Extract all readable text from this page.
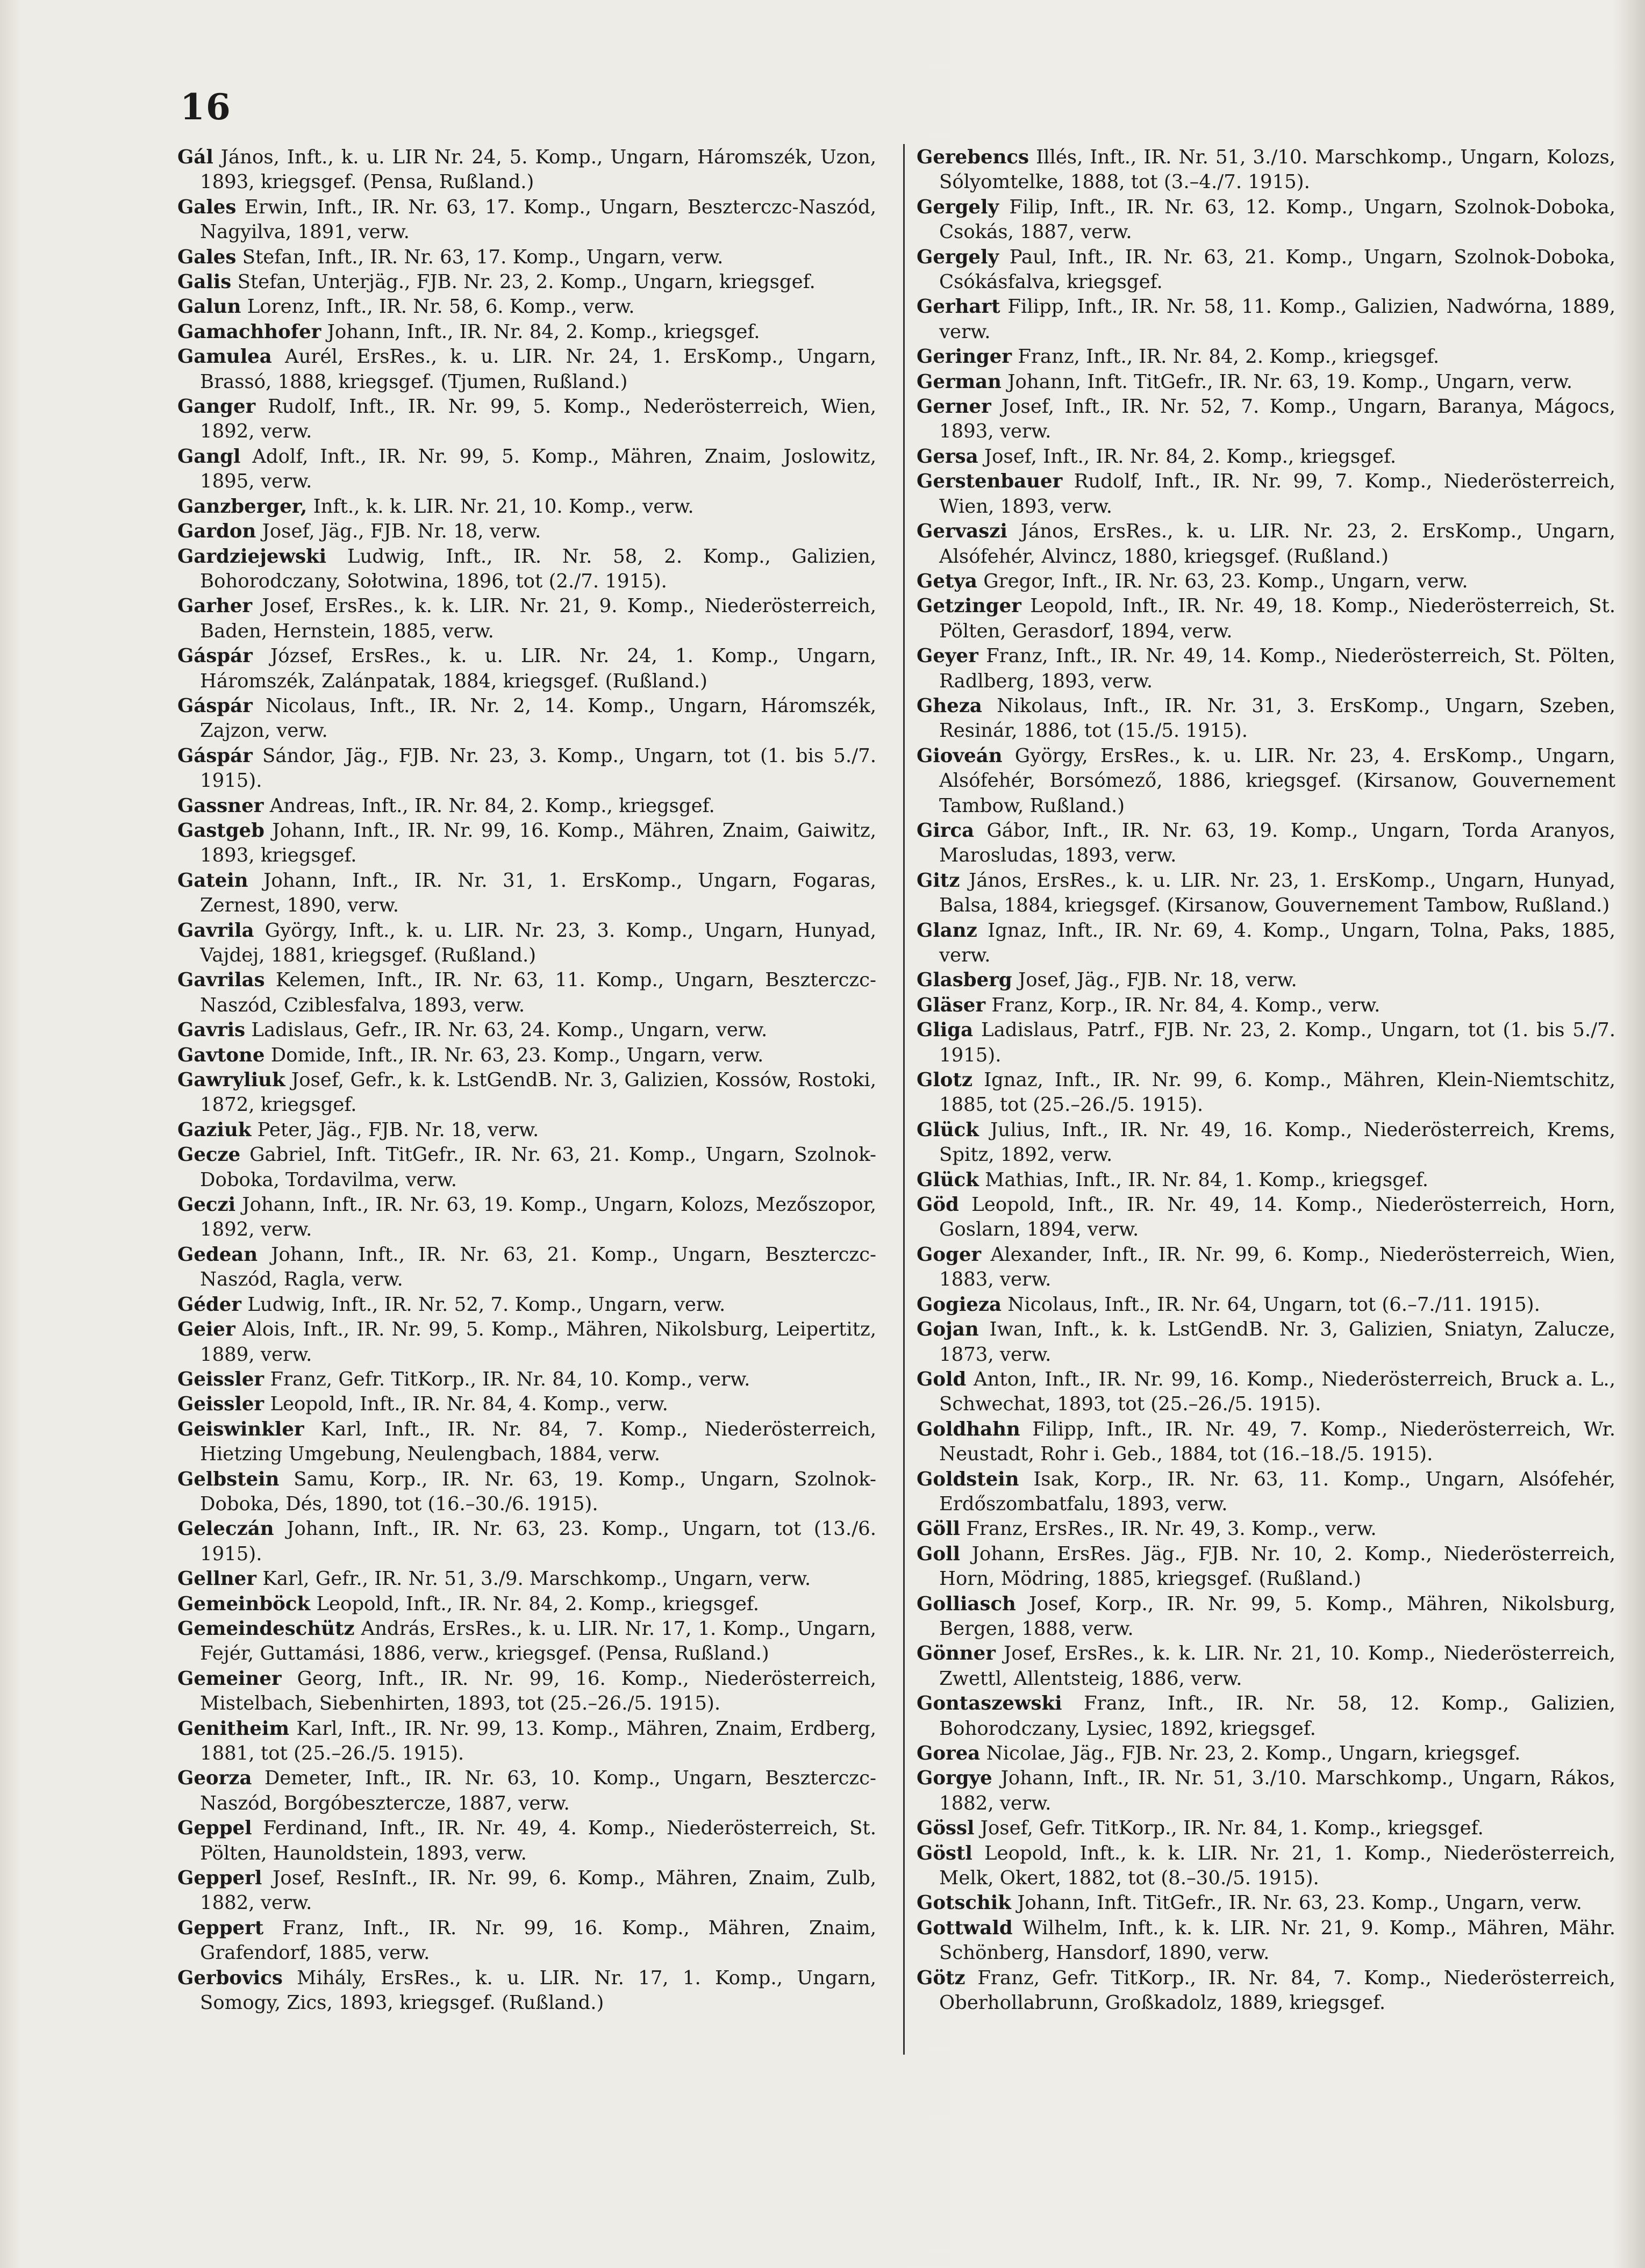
16

Gál János, Inft., k. u. LIR Nr. 24, 5. Komp., Ungarn, Háromszék, Uzon, 1893, kriegsgef. (Pensa, Rußland.)

Gales Erwin, Inft., IR. Nr. 63, 17. Komp., Ungarn, Beszterczc-Naszód, Nagyilva, 1891, verw.

Gales Stefan, Inft., IR. Nr. 63, 17. Komp., Ungarn, verw.

Galis Stefan, Unterjäg., FJB. Nr. 23, 2. Komp., Ungarn, kriegsgef.

Galun Lorenz, Inft., IR. Nr. 58, 6. Komp., verw.

Gamachhofer Johann, Inft., IR. Nr. 84, 2. Komp., kriegsgef.

Gamulea Aurél, ErsRes., k. u. LIR. Nr. 24, 1. ErsKomp., Ungarn, Brassó, 1888, kriegsgef. (Tjumen, Rußland.)

Ganger Rudolf, Inft., IR. Nr. 99, 5. Komp., Nederösterreich, Wien, 1892, verw.

Gangl Adolf, Inft., IR. Nr. 99, 5. Komp., Mähren, Znaim, Joslowitz, 1895, verw.

Ganzberger, Inft., k. k. LIR. Nr. 21, 10. Komp., verw.

Gardon Josef, Jäg., FJB. Nr. 18, verw.

Gardziejewski Ludwig, Inft., IR. Nr. 58, 2. Komp., Galizien, Bohorodczany, Sołotwina, 1896, tot (2./7. 1915).

Garher Josef, ErsRes., k. k. LIR. Nr. 21, 9. Komp., Niederösterreich, Baden, Hernstein, 1885, verw.

Gáspár József, ErsRes., k. u. LIR. Nr. 24, 1. Komp., Ungarn, Háromszék, Zalánpatak, 1884, kriegsgef. (Rußland.)

Gáspár Nicolaus, Inft., IR. Nr. 2, 14. Komp., Ungarn, Háromszék, Zajzon, verw.

Gáspár Sándor, Jäg., FJB. Nr. 23, 3. Komp., Ungarn, tot (1. bis 5./7. 1915).

Gassner Andreas, Inft., IR. Nr. 84, 2. Komp., kriegsgef.

Gastgeb Johann, Inft., IR. Nr. 99, 16. Komp., Mähren, Znaim, Gaiwitz, 1893, kriegsgef.

Gatein Johann, Inft., IR. Nr. 31, 1. ErsKomp., Ungarn, Fogaras, Zernest, 1890, verw.

Gavrila György, Inft., k. u. LIR. Nr. 23, 3. Komp., Ungarn, Hunyad, Vajdej, 1881, kriegsgef. (Rußland.)

Gavrilas Kelemen, Inft., IR. Nr. 63, 11. Komp., Ungarn, Beszterczc-Naszód, Cziblesfalva, 1893, verw.

Gavris Ladislaus, Gefr., IR. Nr. 63, 24. Komp., Ungarn, verw.

Gavtone Domide, Inft., IR. Nr. 63, 23. Komp., Ungarn, verw.

Gawryliuk Josef, Gefr., k. k. LstGendB. Nr. 3, Galizien, Kossów, Rostoki, 1872, kriegsgef.

Gaziuk Peter, Jäg., FJB. Nr. 18, verw.

Gecze Gabriel, Inft. TitGefr., IR. Nr. 63, 21. Komp., Ungarn, Szolnok-Doboka, Tordavilma, verw.

Geczi Johann, Inft., IR. Nr. 63, 19. Komp., Ungarn, Kolozs, Mezőszopor, 1892, verw.

Gedean Johann, Inft., IR. Nr. 63, 21. Komp., Ungarn, Beszterczc-Naszód, Ragla, verw.

Géder Ludwig, Inft., IR. Nr. 52, 7. Komp., Ungarn, verw.

Geier Alois, Inft., IR. Nr. 99, 5. Komp., Mähren, Nikolsburg, Leipertitz, 1889, verw.

Geissler Franz, Gefr. TitKorp., IR. Nr. 84, 10. Komp., verw.

Geissler Leopold, Inft., IR. Nr. 84, 4. Komp., verw.

Geiswinkler Karl, Inft., IR. Nr. 84, 7. Komp., Niederösterreich, Hietzing Umgebung, Neulengbach, 1884, verw.

Gelbstein Samu, Korp., IR. Nr. 63, 19. Komp., Ungarn, Szolnok-Doboka, Dés, 1890, tot (16.–30./6. 1915).

Geleczán Johann, Inft., IR. Nr. 63, 23. Komp., Ungarn, tot (13./6. 1915).

Gellner Karl, Gefr., IR. Nr. 51, 3./9. Marschkomp., Ungarn, verw.

Gemeinböck Leopold, Inft., IR. Nr. 84, 2. Komp., kriegsgef.

Gemeindeschütz András, ErsRes., k. u. LIR. Nr. 17, 1. Komp., Ungarn, Fejér, Guttamási, 1886, verw., kriegsgef. (Pensa, Rußland.)

Gemeiner Georg, Inft., IR. Nr. 99, 16. Komp., Niederösterreich, Mistelbach, Siebenhirten, 1893, tot (25.–26./5. 1915).

Genitheim Karl, Inft., IR. Nr. 99, 13. Komp., Mähren, Znaim, Erdberg, 1881, tot (25.–26./5. 1915).

Georza Demeter, Inft., IR. Nr. 63, 10. Komp., Ungarn, Beszterczc-Naszód, Borgóbesztercze, 1887, verw.

Geppel Ferdinand, Inft., IR. Nr. 49, 4. Komp., Niederösterreich, St. Pölten, Haunoldstein, 1893, verw.

Gepperl Josef, ResInft., IR. Nr. 99, 6. Komp., Mähren, Znaim, Zulb, 1882, verw.

Geppert Franz, Inft., IR. Nr. 99, 16. Komp., Mähren, Znaim, Grafendorf, 1885, verw.

Gerbovics Mihály, ErsRes., k. u. LIR. Nr. 17, 1. Komp., Ungarn, Somogy, Zics, 1893, kriegsgef. (Rußland.)

Gerebencs Illés, Inft., IR. Nr. 51, 3./10. Marschkomp., Ungarn, Kolozs, Sólyomtelke, 1888, tot (3.–4./7. 1915).

Gergely Filip, Inft., IR. Nr. 63, 12. Komp., Ungarn, Szolnok-Doboka, Csokás, 1887, verw.

Gergely Paul, Inft., IR. Nr. 63, 21. Komp., Ungarn, Szolnok-Doboka, Csókásfalva, kriegsgef.

Gerhart Filipp, Inft., IR. Nr. 58, 11. Komp., Galizien, Nadwórna, 1889, verw.

Geringer Franz, Inft., IR. Nr. 84, 2. Komp., kriegsgef.

German Johann, Inft. TitGefr., IR. Nr. 63, 19. Komp., Ungarn, verw.

Gerner Josef, Inft., IR. Nr. 52, 7. Komp., Ungarn, Baranya, Mágocs, 1893, verw.

Gersa Josef, Inft., IR. Nr. 84, 2. Komp., kriegsgef.

Gerstenbauer Rudolf, Inft., IR. Nr. 99, 7. Komp., Niederösterreich, Wien, 1893, verw.

Gervaszi János, ErsRes., k. u. LIR. Nr. 23, 2. ErsKomp., Ungarn, Alsófehér, Alvincz, 1880, kriegsgef. (Rußland.)

Getya Gregor, Inft., IR. Nr. 63, 23. Komp., Ungarn, verw.

Getzinger Leopold, Inft., IR. Nr. 49, 18. Komp., Niederösterreich, St. Pölten, Gerasdorf, 1894, verw.

Geyer Franz, Inft., IR. Nr. 49, 14. Komp., Niederösterreich, St. Pölten, Radlberg, 1893, verw.

Gheza Nikolaus, Inft., IR. Nr. 31, 3. ErsKomp., Ungarn, Szeben, Resinár, 1886, tot (15./5. 1915).

Gioveán György, ErsRes., k. u. LIR. Nr. 23, 4. ErsKomp., Ungarn, Alsófehér, Borsómező, 1886, kriegsgef. (Kirsanow, Gouvernement Tambow, Rußland.)

Girca Gábor, Inft., IR. Nr. 63, 19. Komp., Ungarn, Torda Aranyos, Marosludas, 1893, verw.

Gitz János, ErsRes., k. u. LIR. Nr. 23, 1. ErsKomp., Ungarn, Hunyad, Balsa, 1884, kriegsgef. (Kirsanow, Gouvernement Tambow, Rußland.)

Glanz Ignaz, Inft., IR. Nr. 69, 4. Komp., Ungarn, Tolna, Paks, 1885, verw.

Glasberg Josef, Jäg., FJB. Nr. 18, verw.

Gläser Franz, Korp., IR. Nr. 84, 4. Komp., verw.

Gliga Ladislaus, Patrf., FJB. Nr. 23, 2. Komp., Ungarn, tot (1. bis 5./7. 1915).

Glotz Ignaz, Inft., IR. Nr. 99, 6. Komp., Mähren, Klein-Niemtschitz, 1885, tot (25.–26./5. 1915).

Glück Julius, Inft., IR. Nr. 49, 16. Komp., Niederösterreich, Krems, Spitz, 1892, verw.

Glück Mathias, Inft., IR. Nr. 84, 1. Komp., kriegsgef.

Göd Leopold, Inft., IR. Nr. 49, 14. Komp., Niederösterreich, Horn, Goslarn, 1894, verw.

Goger Alexander, Inft., IR. Nr. 99, 6. Komp., Niederösterreich, Wien, 1883, verw.

Gogieza Nicolaus, Inft., IR. Nr. 64, Ungarn, tot (6.–7./11. 1915).

Gojan Iwan, Inft., k. k. LstGendB. Nr. 3, Galizien, Sniatyn, Zalucze, 1873, verw.

Gold Anton, Inft., IR. Nr. 99, 16. Komp., Niederösterreich, Bruck a. L., Schwechat, 1893, tot (25.–26./5. 1915).

Goldhahn Filipp, Inft., IR. Nr. 49, 7. Komp., Niederösterreich, Wr. Neustadt, Rohr i. Geb., 1884, tot (16.–18./5. 1915).

Goldstein Isak, Korp., IR. Nr. 63, 11. Komp., Ungarn, Alsófehér, Erdőszombatfalu, 1893, verw.

Göll Franz, ErsRes., IR. Nr. 49, 3. Komp., verw.

Goll Johann, ErsRes. Jäg., FJB. Nr. 10, 2. Komp., Niederösterreich, Horn, Mödring, 1885, kriegsgef. (Rußland.)

Golliasch Josef, Korp., IR. Nr. 99, 5. Komp., Mähren, Nikolsburg, Bergen, 1888, verw.

Gönner Josef, ErsRes., k. k. LIR. Nr. 21, 10. Komp., Niederösterreich, Zwettl, Allentsteig, 1886, verw.

Gontaszewski Franz, Inft., IR. Nr. 58, 12. Komp., Galizien, Bohorodczany, Lysiec, 1892, kriegsgef.

Gorea Nicolae, Jäg., FJB. Nr. 23, 2. Komp., Ungarn, kriegsgef.

Gorgye Johann, Inft., IR. Nr. 51, 3./10. Marschkomp., Ungarn, Rákos, 1882, verw.

Gössl Josef, Gefr. TitKorp., IR. Nr. 84, 1. Komp., kriegsgef.

Göstl Leopold, Inft., k. k. LIR. Nr. 21, 1. Komp., Niederösterreich, Melk, Okert, 1882, tot (8.–30./5. 1915).

Gotschik Johann, Inft. TitGefr., IR. Nr. 63, 23. Komp., Ungarn, verw.

Gottwald Wilhelm, Inft., k. k. LIR. Nr. 21, 9. Komp., Mähren, Mähr. Schönberg, Hansdorf, 1890, verw.

Götz Franz, Gefr. TitKorp., IR. Nr. 84, 7. Komp., Niederösterreich, Oberhollabrunn, Großkadolz, 1889, kriegsgef.
